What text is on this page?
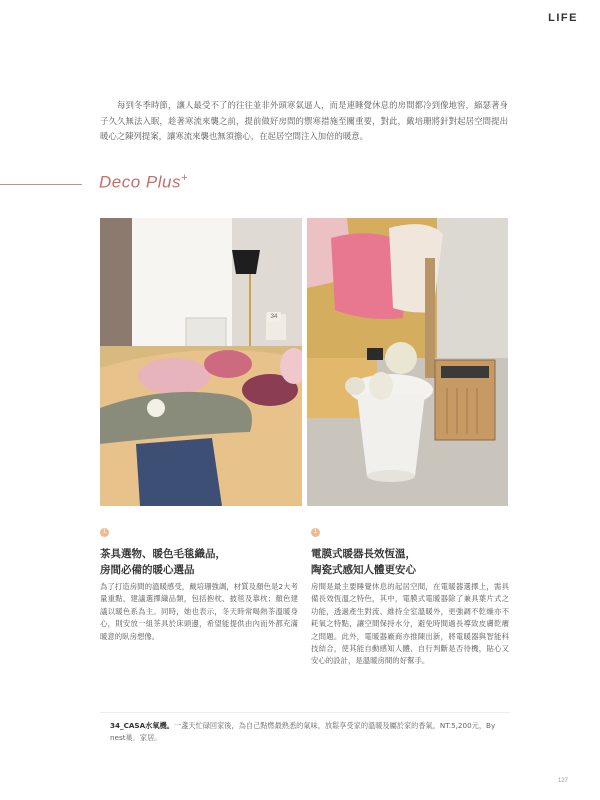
LIFE

每到冬季時節，讓人最受不了的往往並非外頭寒氣逼人，而是連睡覺休息的房間都冷到像地窖，縮瑟著身子久久無法入眠，趁著寒流來襲之前，提前做好房間的禦寒措施至關重要，對此，戴培珊將針對起居空間提出暖心之陳列提案，讓寒流來襲也無須擔心，在起居空間注入加倍的暖意。

Deco Plus+
34
1

茶具選物、暖色毛毯織品，
房間必備的暖心選品

為了打造房間的溫暖感受，戴培珊強調，材質及顏色是2大考量重點，建議選擇織品類，包括抱枕、披毯及靠枕；顏色建議以暖色系為主。同時，她也表示，冬天時常喝熱茶溫暖身心，則安放一組茶具於床頭邊，希望能提供由內而外都充滿暖意的臥房想像。

1

電膜式暖器長效恆溫，
陶瓷式感知人體更安心

房間是最主要睡覺休息的起居空間，在電暖器選擇上，需具備長效恆溫之特色，其中，電膜式電暖器除了兼具葉片式之功能，透過產生對流、維持全室溫暖外，更強調不乾燥亦不耗氧之特點，讓空間保持水分，避免時間過長導致皮膚乾癢之問題。此外，電暖器廠商亦推陳出新，將電暖器與智能科技結合，使其能自動感知人體、自行判斷是否待機，貼心又安心的設計，是溫暖房間的好幫手。

34_CASA水氧機。一盞天忙碌回家後，為自己點燃最熟悉的氣味，放鬆享受家的溫暖及屬於家的香氣，NT.5,200元，By nest巢．家居。

127
